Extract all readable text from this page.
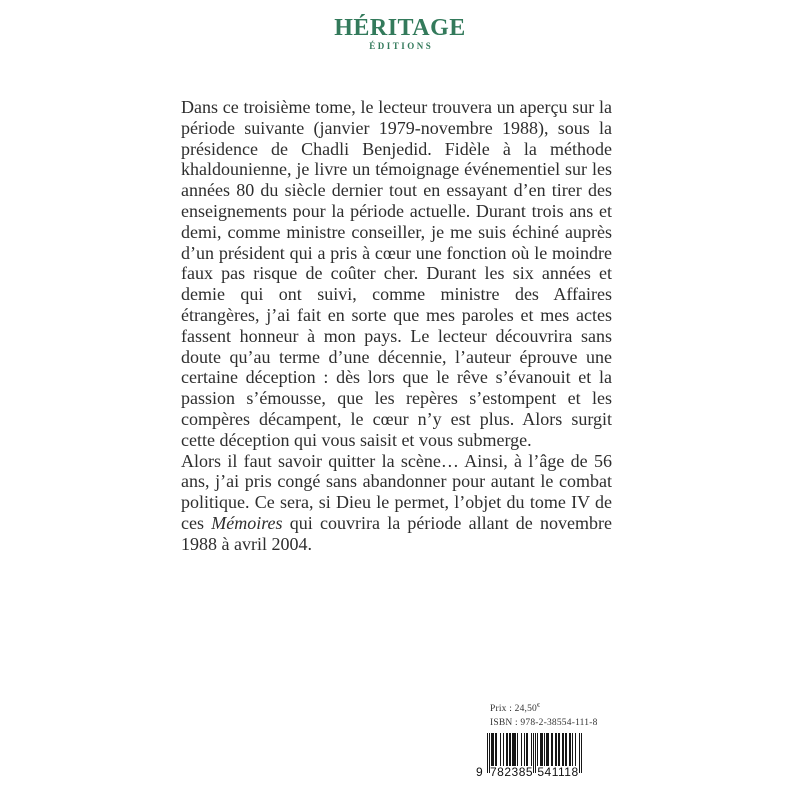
HÉRITAGE
ÉDITIONS

Dans ce troisième tome, le lecteur trouvera un aperçu sur la période suivante (janvier 1979-novembre 1988), sous la présidence de Chadli Benjedid. Fidèle à la méthode khaldounienne, je livre un témoignage événementiel sur les années 80 du siècle dernier tout en essayant d’en tirer des enseignements pour la période actuelle. Durant trois ans et demi, comme ministre conseiller, je me suis échiné auprès d’un président qui a pris à cœur une fonction où le moindre faux pas risque de coûter cher. Durant les six années et demie qui ont suivi, comme ministre des Affaires étrangères, j’ai fait en sorte que mes paroles et mes actes fassent honneur à mon pays. Le lecteur découvrira sans doute qu’au terme d’une décennie, l’auteur éprouve une certaine déception : dès lors que le rêve s’évanouit et la passion s’émousse, que les repères s’estompent et les compères décampent, le cœur n’y est plus. Alors surgit cette déception qui vous saisit et vous submerge.

Alors il faut savoir quitter la scène… Ainsi, à l’âge de 56 ans, j’ai pris congé sans abandonner pour autant le combat politique. Ce sera, si Dieu le permet, l’objet du tome IV de ces Mémoires qui couvrira la période allant de novembre 1988 à avril 2004.

Prix : 24,50€
ISBN : 978-2-38554-111-8
9 782385 541118
